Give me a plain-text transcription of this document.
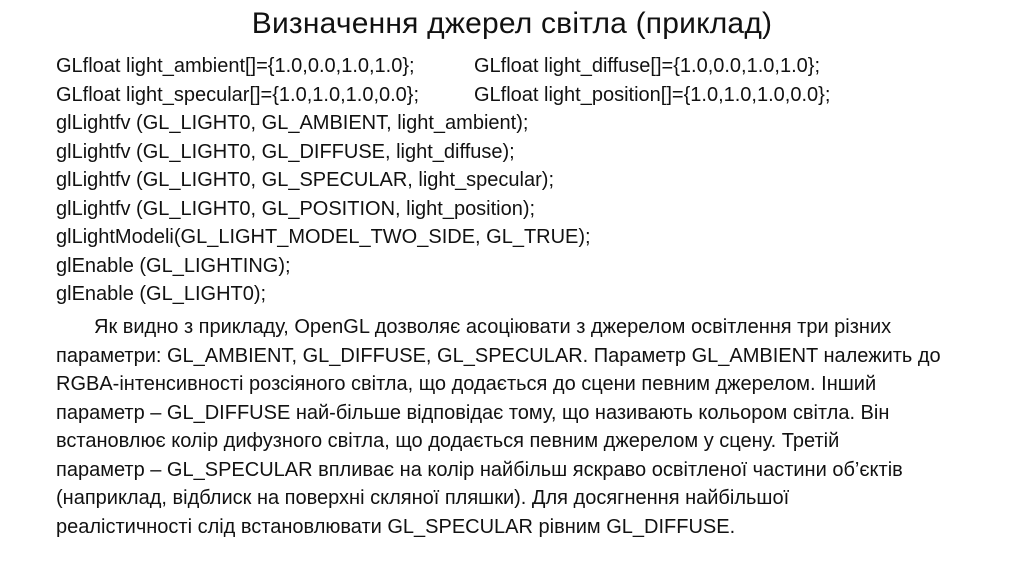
Визначення джерел світла (приклад)
GLfloat light_ambient[]={1.0,0.0,1.0,1.0};	GLfloat light_diffuse[]={1.0,0.0,1.0,1.0};
GLfloat light_specular[]={1.0,1.0,1.0,0.0};	GLfloat light_position[]={1.0,1.0,1.0,0.0};
glLightfv (GL_LIGHT0, GL_AMBIENT, light_ambient);
glLightfv (GL_LIGHT0, GL_DIFFUSE, light_diffuse);
glLightfv (GL_LIGHT0, GL_SPECULAR, light_specular);
glLightfv (GL_LIGHT0, GL_POSITION, light_position);
glLightModeli(GL_LIGHT_MODEL_TWO_SIDE, GL_TRUE);
glEnable (GL_LIGHTING);
glEnable (GL_LIGHT0);
Як видно з прикладу, OpenGL дозволяє асоціювати з джерелом освітлення три різних
параметри: GL_AMBIENT, GL_DIFFUSE, GL_SPECULAR. Параметр GL_AMBIENT належить до
RGBA-інтенсивності розсіяного світла, що додається до сцени певним джерелом. Інший
параметр – GL_DIFFUSE най-більше відповідає тому, що називають кольором світла. Він
встановлює колір дифузного світла, що додається певним джерелом у сцену. Третій
параметр – GL_SPECULAR впливає на колір найбільш яскраво освітленої частини об’єктів
(наприклад, відблиск на поверхні скляної пляшки). Для досягнення найбільшої
реалістичності слід встановлювати GL_SPECULAR рівним GL_DIFFUSE.
